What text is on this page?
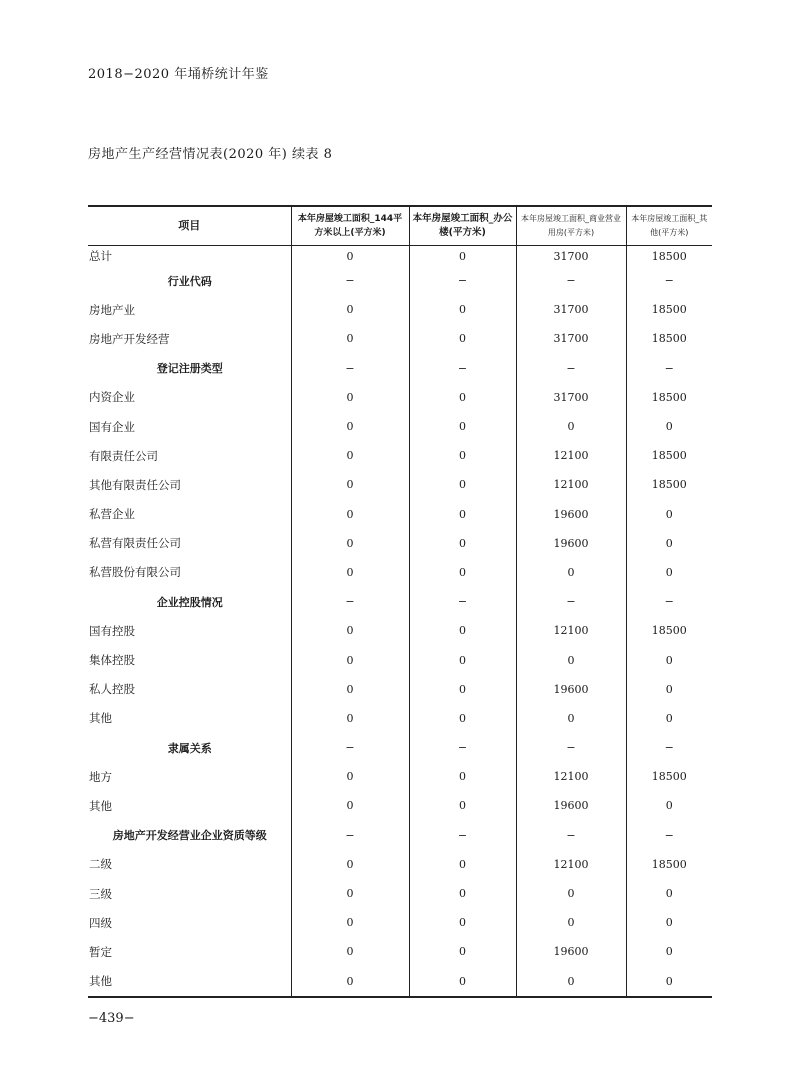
2018−2020 年埇桥统计年鉴
房地产生产经营情况表(2020 年) 续表 8
项目	本年房屋竣工面积_144平方米以上(平方米)	本年房屋竣工面积_办公楼(平方米)	本年房屋竣工面积_商业营业用房(平方米)	本年房屋竣工面积_其他(平方米)
总计	0	0	31700	18500
行业代码	−	−	−	−
房地产业	0	0	31700	18500
房地产开发经营	0	0	31700	18500
登记注册类型	−	−	−	−
内资企业	0	0	31700	18500
国有企业	0	0	0	0
有限责任公司	0	0	12100	18500
其他有限责任公司	0	0	12100	18500
私营企业	0	0	19600	0
私营有限责任公司	0	0	19600	0
私营股份有限公司	0	0	0	0
企业控股情况	−	−	−	−
国有控股	0	0	12100	18500
集体控股	0	0	0	0
私人控股	0	0	19600	0
其他	0	0	0	0
隶属关系	−	−	−	−
地方	0	0	12100	18500
其他	0	0	19600	0
房地产开发经营业企业资质等级	−	−	−	−
二级	0	0	12100	18500
三级	0	0	0	0
四级	0	0	0	0
暂定	0	0	19600	0
其他	0	0	0	0
−439−
